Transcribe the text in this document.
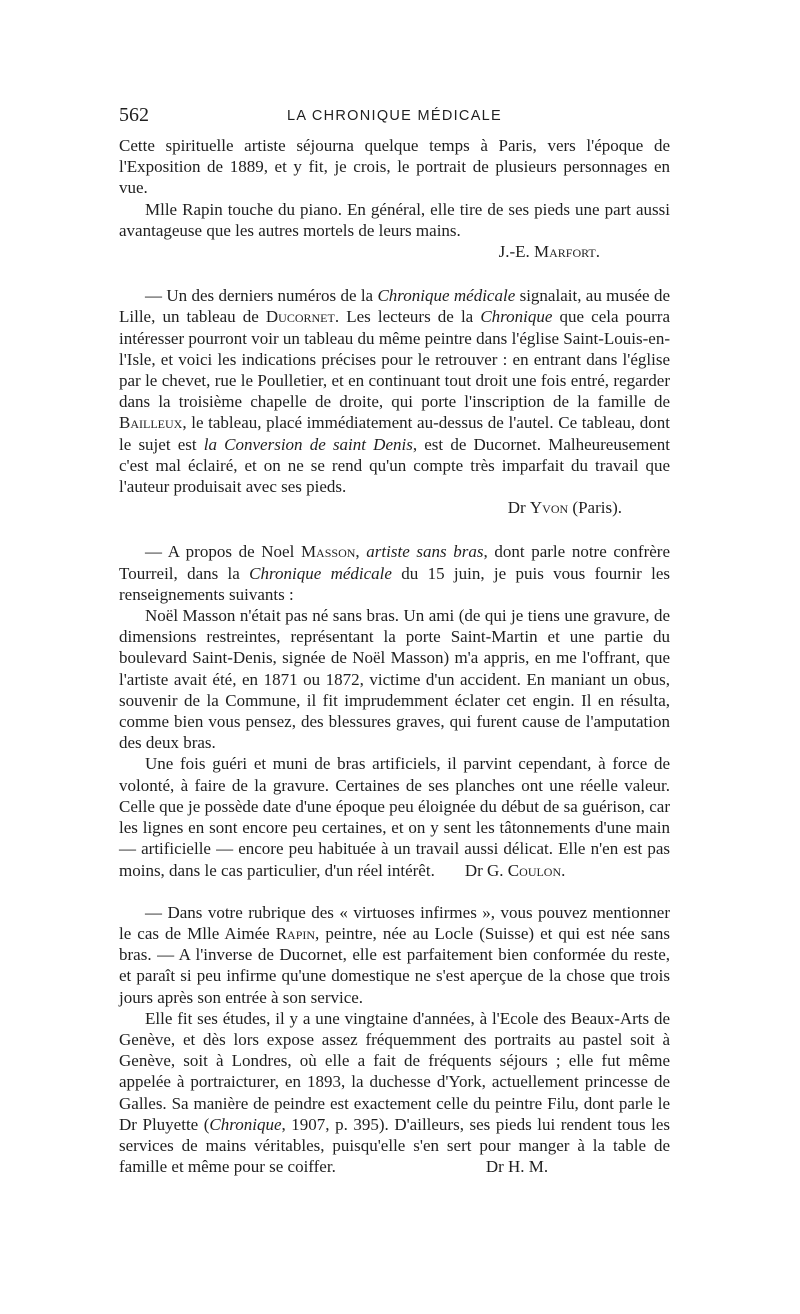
562	LA CHRONIQUE MÉDICALE

Cette spirituelle artiste séjourna quelque temps à Paris, vers l'époque de l'Exposition de 1889, et y fit, je crois, le portrait de plusieurs personnages en vue.

Mlle Rapin touche du piano. En général, elle tire de ses pieds une part aussi avantageuse que les autres mortels de leurs mains.

J.-E. Marfort.

— Un des derniers numéros de la Chronique médicale signalait, au musée de Lille, un tableau de Ducornet. Les lecteurs de la Chronique que cela pourra intéresser pourront voir un tableau du même peintre dans l'église Saint-Louis-en-l'Isle, et voici les indications précises pour le retrouver : en entrant dans l'église par le chevet, rue le Poulletier, et en continuant tout droit une fois entré, regarder dans la troisième chapelle de droite, qui porte l'inscription de la famille de Bailleux, le tableau, placé immédiatement au-dessus de l'autel. Ce tableau, dont le sujet est la Conversion de saint Denis, est de Ducornet. Malheureusement c'est mal éclairé, et on ne se rend qu'un compte très imparfait du travail que l'auteur produisait avec ses pieds.

Dr Yvon (Paris).

— A propos de Noel Masson, artiste sans bras, dont parle notre confrère Tourreil, dans la Chronique médicale du 15 juin, je puis vous fournir les renseignements suivants :

Noël Masson n'était pas né sans bras. Un ami (de qui je tiens une gravure, de dimensions restreintes, représentant la porte Saint-Martin et une partie du boulevard Saint-Denis, signée de Noël Masson) m'a appris, en me l'offrant, que l'artiste avait été, en 1871 ou 1872, victime d'un accident. En maniant un obus, souvenir de la Commune, il fit imprudemment éclater cet engin. Il en résulta, comme bien vous pensez, des blessures graves, qui furent cause de l'amputation des deux bras.

Une fois guéri et muni de bras artificiels, il parvint cependant, à force de volonté, à faire de la gravure. Certaines de ses planches ont une réelle valeur. Celle que je possède date d'une époque peu éloignée du début de sa guérison, car les lignes en sont encore peu certaines, et on y sent les tâtonnements d'une main — artificielle — encore peu habituée à un travail aussi délicat. Elle n'en est pas moins, dans le cas particulier, d'un réel intérêt. Dr G. Coulon.

— Dans votre rubrique des « virtuoses infirmes », vous pouvez mentionner le cas de Mlle Aimée Rapin, peintre, née au Locle (Suisse) et qui est née sans bras. — A l'inverse de Ducornet, elle est parfaitement bien conformée du reste, et paraît si peu infirme qu'une domestique ne s'est aperçue de la chose que trois jours après son entrée à son service.

Elle fit ses études, il y a une vingtaine d'années, à l'Ecole des Beaux-Arts de Genève, et dès lors expose assez fréquemment des portraits au pastel soit à Genève, soit à Londres, où elle a fait de fréquents séjours ; elle fut même appelée à portraicturer, en 1893, la duchesse d'York, actuellement princesse de Galles. Sa manière de peindre est exactement celle du peintre Filu, dont parle le Dr Pluyette (Chronique, 1907, p. 395). D'ailleurs, ses pieds lui rendent tous les services de mains véritables, puisqu'elle s'en sert pour manger à la table de famille et même pour se coiffer.	Dr H. M.
